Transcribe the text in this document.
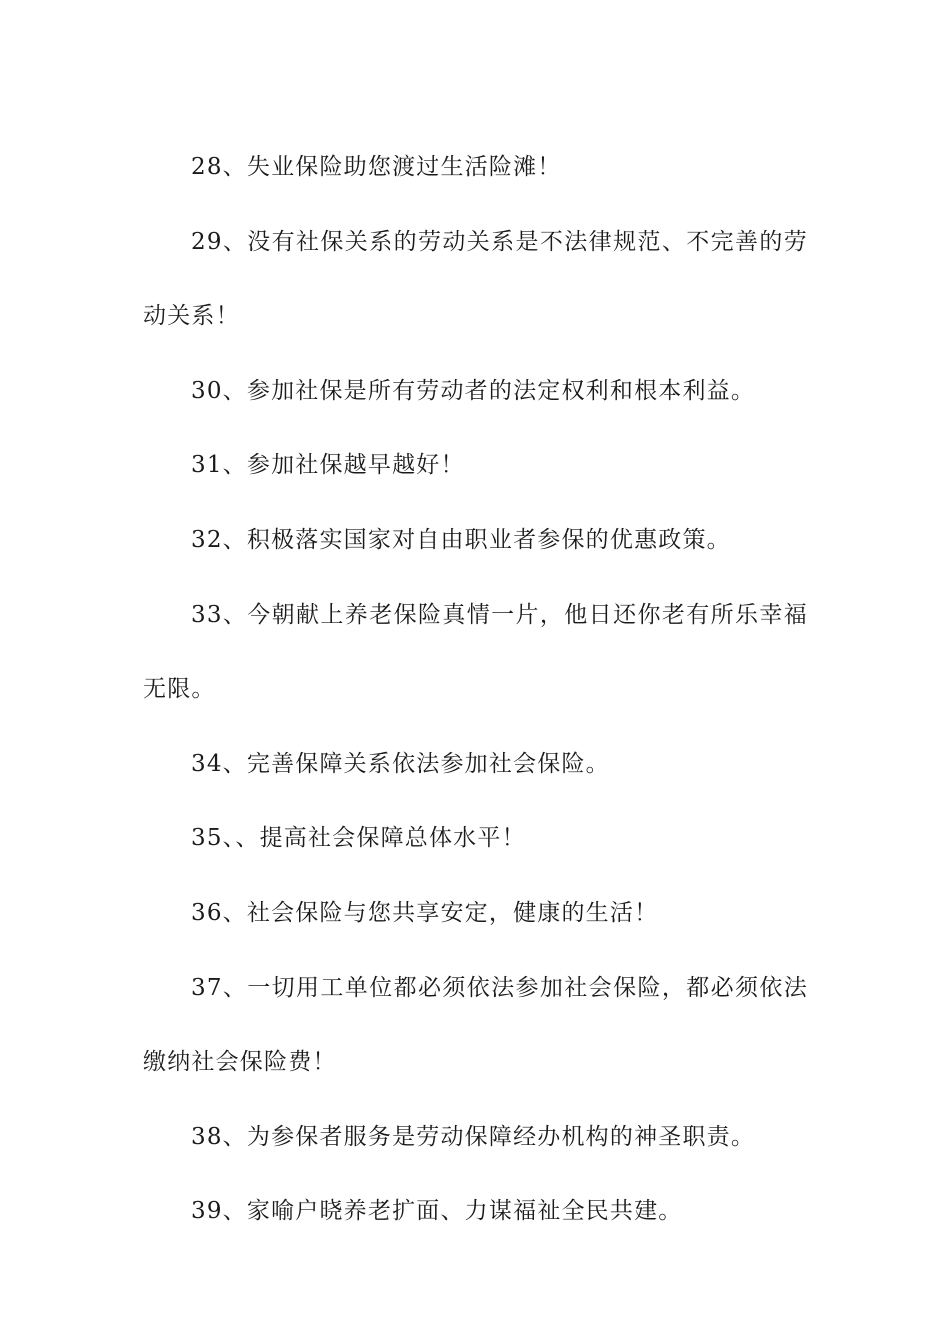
28、失业保险助您渡过生活险滩！

29、没有社保关系的劳动关系是不法律规范、不完善的劳动关系！

30、参加社保是所有劳动者的法定权利和根本利益。

31、参加社保越早越好！

32、积极落实国家对自由职业者参保的优惠政策。

33、今朝献上养老保险真情一片，他日还你老有所乐幸福无限。

34、完善保障关系依法参加社会保险。

35、、提高社会保障总体水平！

36、社会保险与您共享安定，健康的生活！

37、一切用工单位都必须依法参加社会保险，都必须依法缴纳社会保险费！

38、为参保者服务是劳动保障经办机构的神圣职责。

39、家喻户晓养老扩面、力谋福祉全民共建。
